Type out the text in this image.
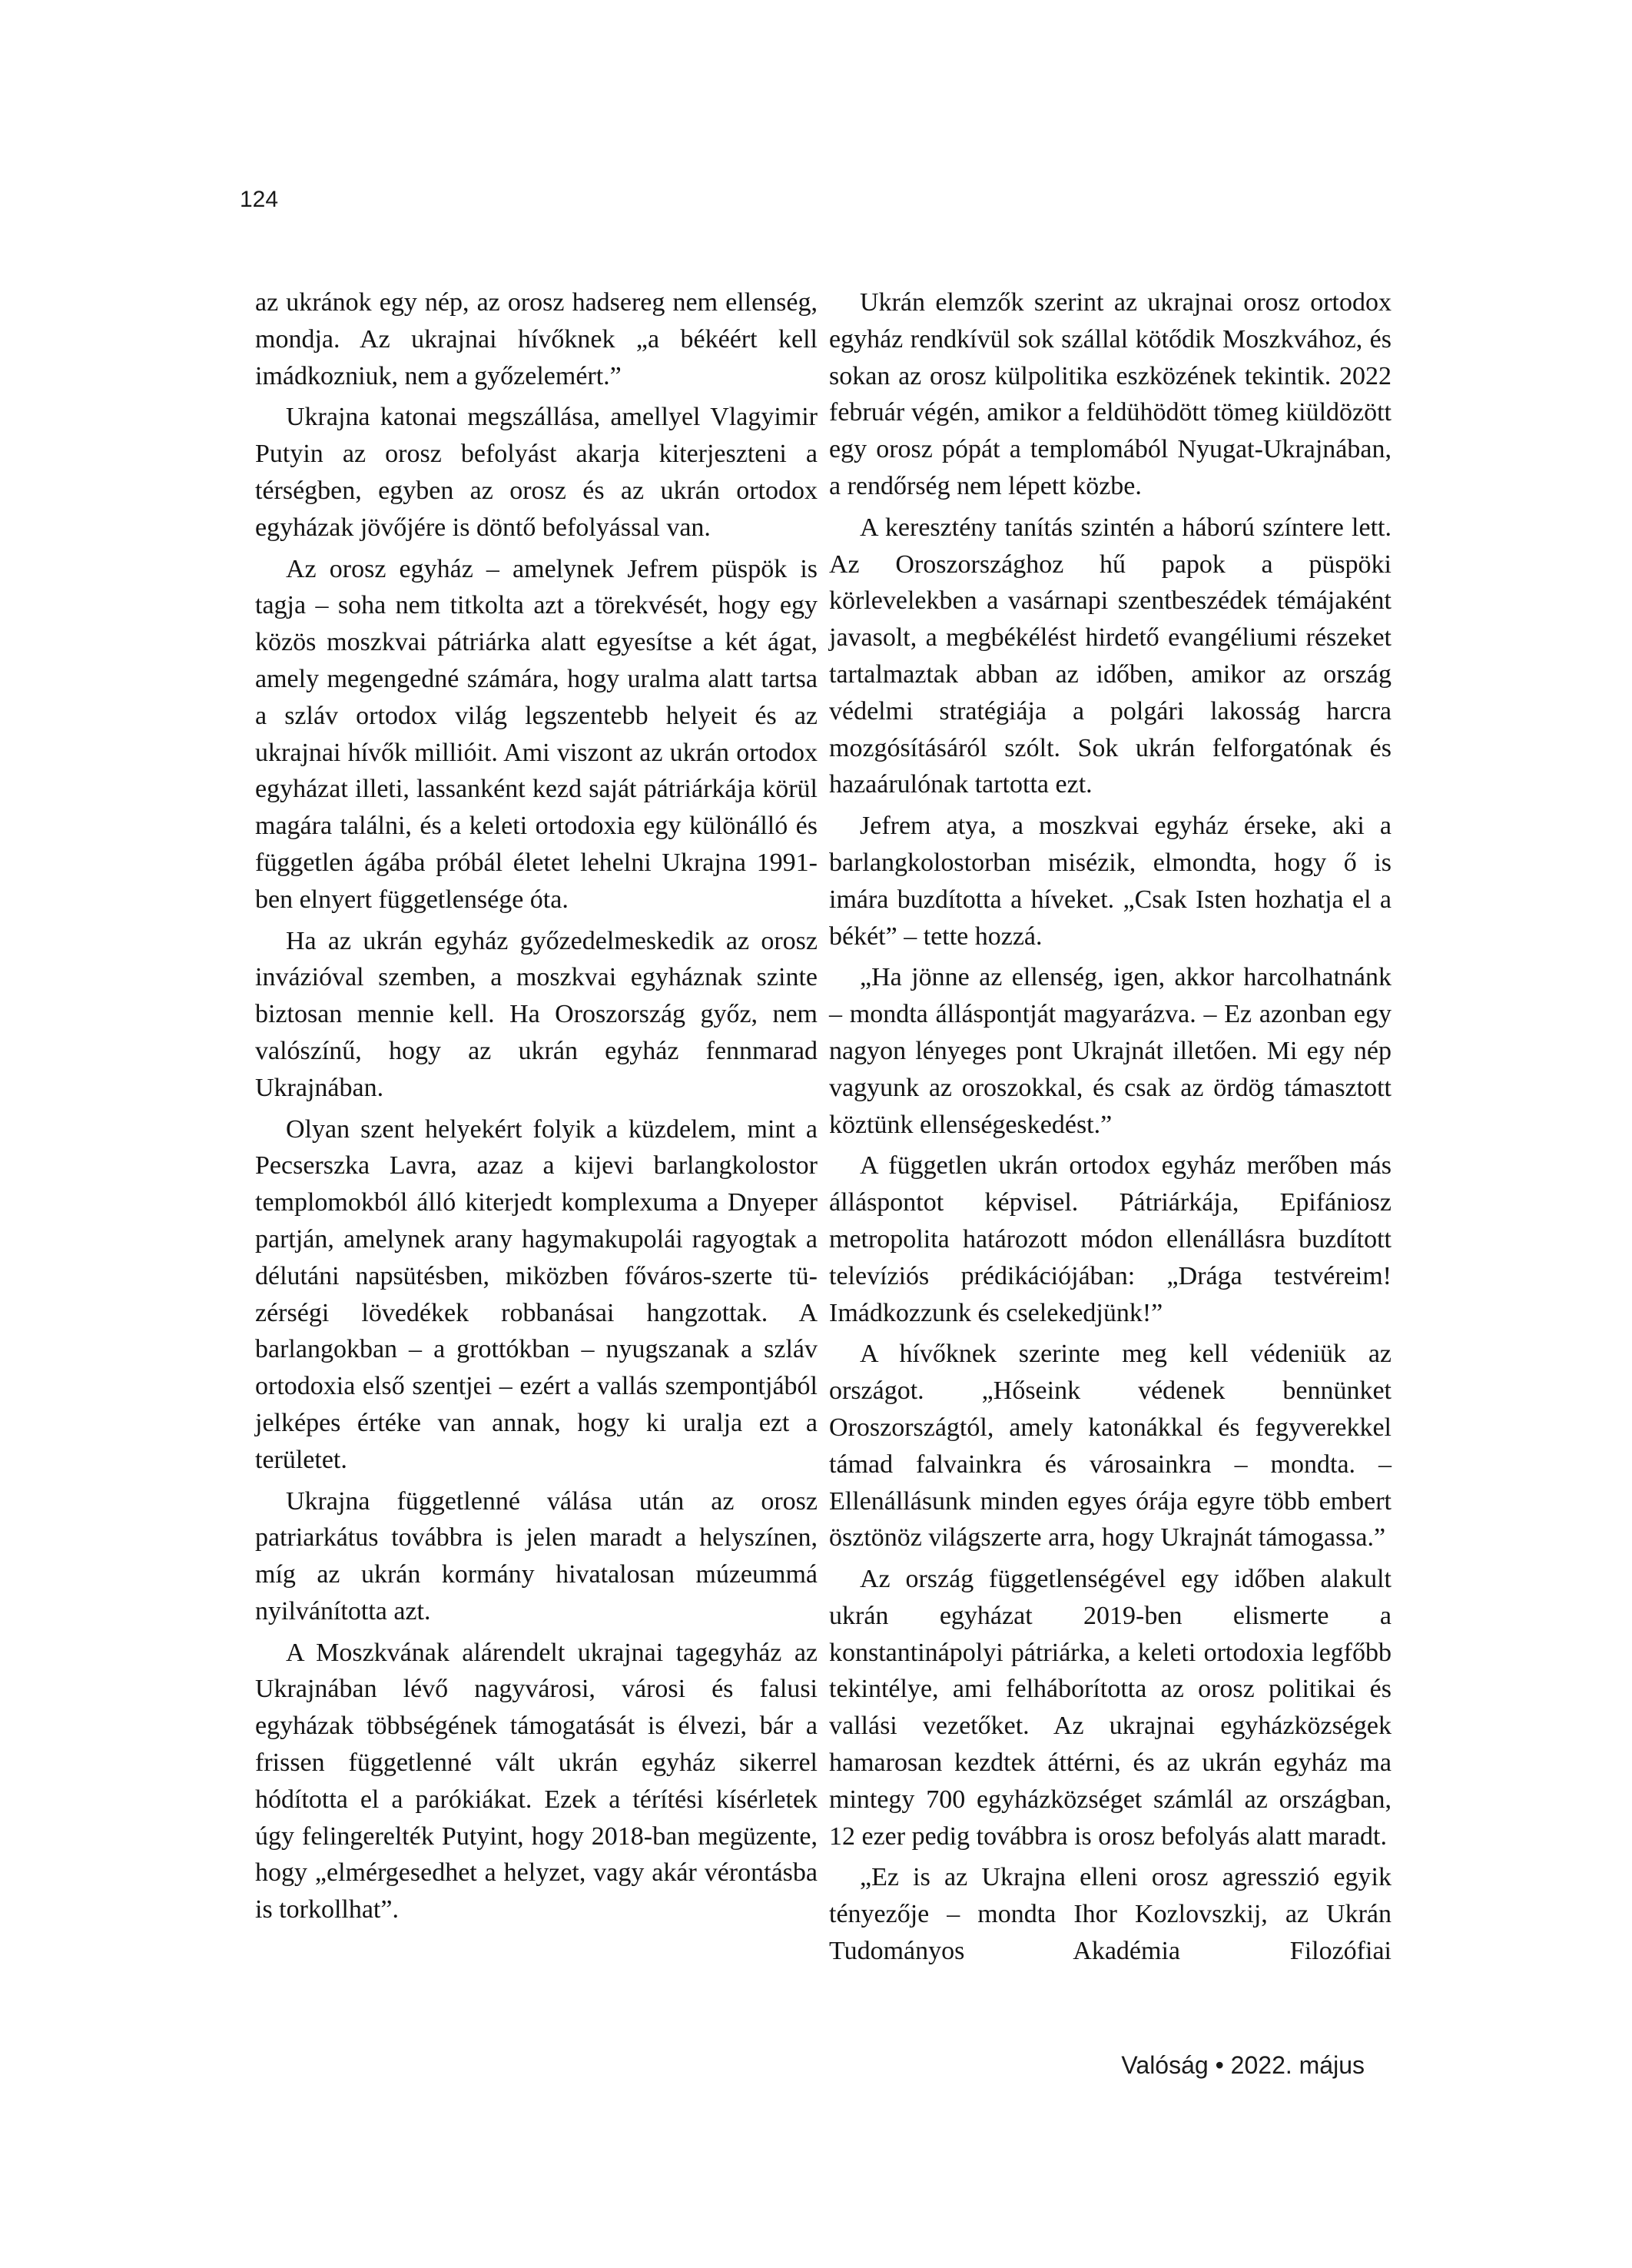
124

az ukránok egy nép, az orosz hadsereg nem ellenség, mondja. Az ukrajnai hívőknek „a békéért kell imádkozniuk, nem a győzelemért.”

Ukrajna katonai megszállása, amellyel Vlagyimir Putyin az orosz befolyást akarja kiterjeszteni a térségben, egyben az orosz és az ukrán ortodox egyházak jövőjére is döntő befolyással van.

Az orosz egyház – amelynek Jefrem püspök is tagja – soha nem titkolta azt a törekvését, hogy egy közös moszkvai pátriárka alatt egyesítse a két ágat, amely megengedné számára, hogy uralma alatt tartsa a szláv ortodox világ legszentebb helyeit és az ukrajnai hívők millióit. Ami viszont az ukrán ortodox egyházat illeti, lassanként kezd saját pátriárkája körül magára találni, és a keleti ortodoxia egy különálló és független ágába próbál életet lehelni Ukrajna 1991-ben elnyert függetlensége óta.

Ha az ukrán egyház győzedelmeskedik az orosz invázióval szemben, a moszkvai egyháznak szinte biztosan mennie kell. Ha Oroszország győz, nem valószínű, hogy az ukrán egyház fennmarad Ukrajnában.

Olyan szent helyekért folyik a küzdelem, mint a Pecserszka Lavra, azaz a kijevi barlangkolostor templomokból álló kiterjedt komplexuma a Dnyeper partján, amelynek arany hagymakupolái ragyogtak a délutáni napsütésben, miközben főváros-szerte tüzérségi lövedékek robbanásai hangzottak. A barlangokban – a grottókban – nyugszanak a szláv ortodoxia első szentjei – ezért a vallás szempontjából jelképes értéke van annak, hogy ki uralja ezt a területet.

Ukrajna függetlenné válása után az orosz patriarkátus továbbra is jelen maradt a helyszínen, míg az ukrán kormány hivatalosan múzeummá nyilvánította azt.

A Moszkvának alárendelt ukrajnai tagegyház az Ukrajnában lévő nagyvárosi, városi és falusi egyházak többségének támogatását is élvezi, bár a frissen függetlenné vált ukrán egyház sikerrel hódította el a parókiákat. Ezek a térítési kísérletek úgy felingerelték Putyint, hogy 2018-ban megüzente, hogy „elmérgesedhet a helyzet, vagy akár vérontásba is torkollhat”.

Ukrán elemzők szerint az ukrajnai orosz ortodox egyház rendkívül sok szállal kötődik Moszkvához, és sokan az orosz külpolitika eszközének tekintik. 2022 február végén, amikor a feldühödött tömeg kiüldözött egy orosz pópát a templomából Nyugat-Ukrajnában, a rendőrség nem lépett közbe.

A keresztény tanítás szintén a háború színtere lett. Az Oroszországhoz hű papok a püspöki körlevelekben a vasárnapi szentbeszédek témájaként javasolt, a megbékélést hirdető evangéliumi részeket tartalmaztak abban az időben, amikor az ország védelmi stratégiája a polgári lakosság harcra mozgósításáról szólt. Sok ukrán felforgatónak és hazaárulónak tartotta ezt.

Jefrem atya, a moszkvai egyház érseke, aki a barlangkolostorban misézik, elmondta, hogy ő is imára buzdította a híveket. „Csak Isten hozhatja el a békét” – tette hozzá.

„Ha jönne az ellenség, igen, akkor harcolhatnánk – mondta álláspontját magyarázva. – Ez azonban egy nagyon lényeges pont Ukrajnát illetően. Mi egy nép vagyunk az oroszokkal, és csak az ördög támasztott köztünk ellenségeskedést.”

A független ukrán ortodox egyház merőben más álláspontot képvisel. Pátriárkája, Epifániosz metropolita határozott módon ellenállásra buzdított televíziós prédikációjában: „Drága testvéreim! Imádkozzunk és cselekedjünk!”

A hívőknek szerinte meg kell védeniük az országot. „Hőseink védenek bennünket Oroszországtól, amely katonákkal és fegyverekkel támad falvainkra és városainkra – mondta. – Ellenállásunk minden egyes órája egyre több embert ösztönöz világszerte arra, hogy Ukrajnát támogassa.”

Az ország függetlenségével egy időben alakult ukrán egyházat 2019-ben elismerte a konstantinápolyi pátriárka, a keleti ortodoxia legfőbb tekintélye, ami felháborította az orosz politikai és vallási vezetőket. Az ukrajnai egyházközségek hamarosan kezdtek áttérni, és az ukrán egyház ma mintegy 700 egyházközséget számlál az országban, 12 ezer pedig továbbra is orosz befolyás alatt maradt.

„Ez is az Ukrajna elleni orosz agresszió egyik tényezője – mondta Ihor Kozlovszkij, az Ukrán Tudományos Akadémia Filozófiai

Valóság • 2022. május
